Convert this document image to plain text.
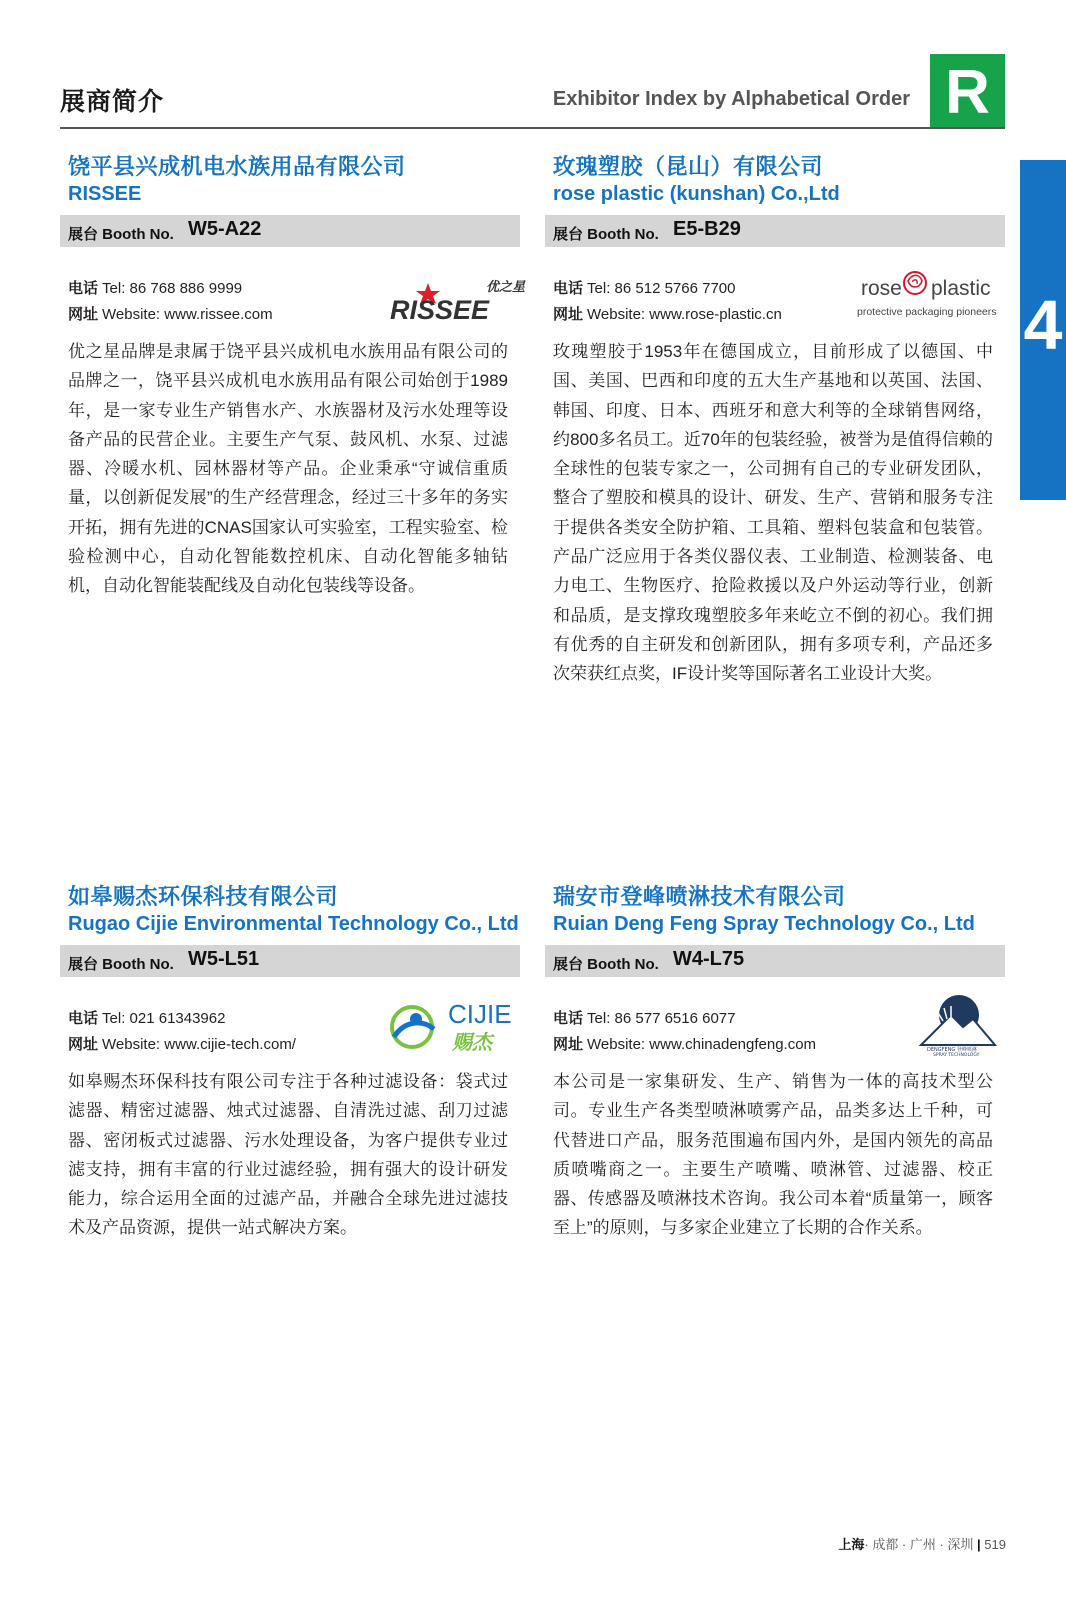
展商简介	Exhibitor Index by Alphabetical Order R
4
饶平县兴成机电水族用品有限公司
RISSEE
展台 Booth No. W5-A22
电话 Tel: 86 768 886 9999
网址 Website: www.rissee.com
优之星
RISSEE

优之星品牌是隶属于饶平县兴成机电水族用品有限公司的品牌之一，饶平县兴成机电水族用品有限公司始创于1989年，是一家专业生产销售水产、水族器材及污水处理等设备产品的民营企业。主要生产气泵、鼓风机、水泵、过滤器、冷暖水机、园林器材等产品。企业秉承“守诚信重质量，以创新促发展”的生产经营理念，经过三十多年的务实开拓，拥有先进的CNAS国家认可实验室，工程实验室、检验检测中心，自动化智能数控机床、自动化智能多轴钻机，自动化智能装配线及自动化包装线等设备。

玫瑰塑胶（昆山）有限公司
rose plastic (kunshan) Co.,Ltd
展台 Booth No. E5-B29
电话 Tel: 86 512 5766 7700
网址 Website: www.rose-plastic.cn
rose plastic
protective packaging pioneers

玫瑰塑胶于1953年在德国成立，目前形成了以德国、中国、美国、巴西和印度的五大生产基地和以英国、法国、韩国、印度、日本、西班牙和意大利等的全球销售网络，约800多名员工。近70年的包装经验，被誉为是值得信赖的全球性的包装专家之一，公司拥有自己的专业研发团队，整合了塑胶和模具的设计、研发、生产、营销和服务专注于提供各类安全防护箱、工具箱、塑料包装盒和包装管。产品广泛应用于各类仪器仪表、工业制造、检测装备、电力电工、生物医疗、抢险救援以及户外运动等行业，创新和品质，是支撑玫瑰塑胶多年来屹立不倒的初心。我们拥有优秀的自主研发和创新团队，拥有多项专利，产品还多次荣获红点奖，IF设计奖等国际著名工业设计大奖。

如皋赐杰环保科技有限公司
Rugao Cijie Environmental Technology Co., Ltd
展台 Booth No. W5-L51
电话 Tel: 021 61343962
网址 Website: www.cijie-tech.com/
CIJIE
赐杰

如皋赐杰环保科技有限公司专注于各种过滤设备：袋式过滤器、精密过滤器、烛式过滤器、自清洗过滤、刮刀过滤器、密闭板式过滤器、污水处理设备，为客户提供专业过滤支持，拥有丰富的行业过滤经验，拥有强大的设计研发能力，综合运用全面的过滤产品，并融合全球先进过滤技术及产品资源，提供一站式解决方案。

瑞安市登峰喷淋技术有限公司
Ruian Deng Feng Spray Technology Co., Ltd
展台 Booth No. W4-L75
电话 Tel: 86 577 6516 6077
网址 Website: www.chinadengfeng.com	DENGFENG 登峰喷淋
SPRAY TECHNOLOGY

本公司是一家集研发、生产、销售为一体的高技术型公司。专业生产各类型喷淋喷雾产品，品类多达上千种，可代替进口产品，服务范围遍布国内外，是国内领先的高品质喷嘴商之一。主要生产喷嘴、喷淋管、过滤器、校正器、传感器及喷淋技术咨询。我公司本着“质量第一，顾客至上”的原则，与多家企业建立了长期的合作关系。

上海· 成都 · 广州 · 深圳 | 519
